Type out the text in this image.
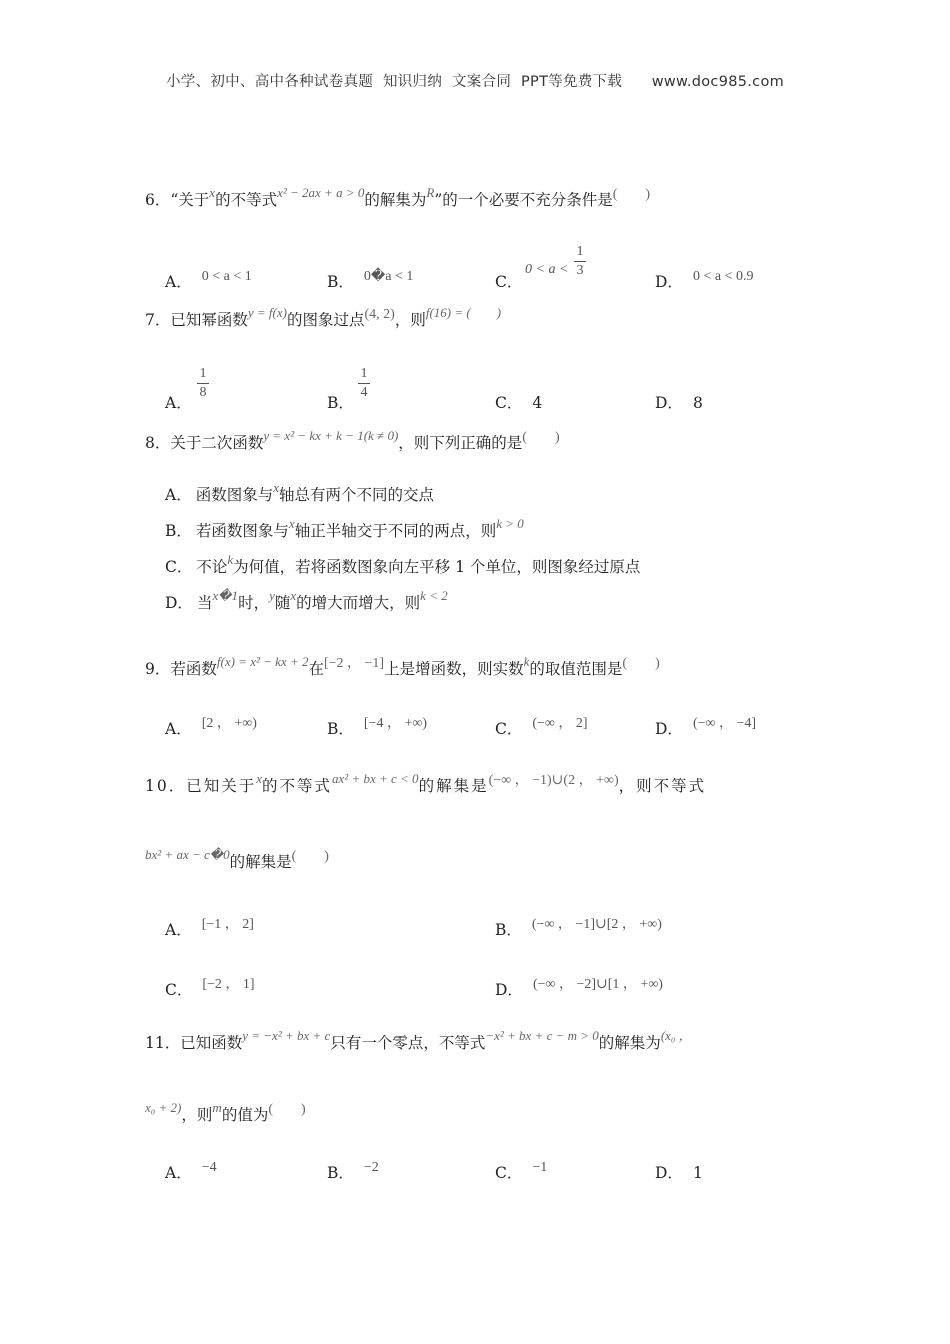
小学、初中、高中各种试卷真题  知识归纳  文案合同  PPT等免费下载      www.doc985.com
6．“关于$^x$的不等式$^{x^2 - 2ax + a > 0}$的解集为$^R$”的一个必要不充分条件是(　　)
A． 0 < a < 1	B． 0�a < 1	C．
0 < a <
1
3
D． 0 < a < 0.9
7．已知幂函数$^{y = f(x)}$的图象过点(4, 2)，则$^{f(16) = ( )}$
A．
1
8
B．
1
4
C． 4	D． 8
8．关于二次函数$^{y = x^2 - kx + k - 1(k \ne 0)}$，则下列正确的是(　　)
A． 函数图象与$^x$轴总有两个不同的交点
B． 若函数图象与$^x$轴正半轴交于不同的两点，则$^{k > 0}$
C． 不论$^k$为何值，若将函数图象向左平移 1 个单位，则图象经过原点
D． 当$^{x�1}$时，$^y$随$^x$的增大而增大，则$^{k < 2}$
9．若函数$^{f(x) = x^2 - kx + 2}$在[−2 ， −1]上是增函数，则实数$^k$的取值范围是(　　)
A． [2 ， +∞)	B． [−4 ， +∞)	C． (−∞ ， 2]	D． (−∞ ， −4]
10．已知关于$^x$的不等式$^{ax^2 + bx + c < 0}$的解集是(−∞ ， −1)∪(2 ， +∞)，则不等式
$^{bx^2 + ax - c�0}$的解集是(　　)
A． [−1 ， 2]	B． (−∞ ， −1]∪[2 ， +∞)
C． [−2 ， 1]	D． (−∞ ， −2]∪[1 ， +∞)
11．已知函数$^{y = -x^2 + bx + c}$只有一个零点，不等式$^{-x^2 + bx + c - m > 0}$的解集为$^{(x_0 ,}$
$^{x_0 + 2)}$，则$^m$的值为(　　)
A． −4	B． −2	C． −1	D． 1
